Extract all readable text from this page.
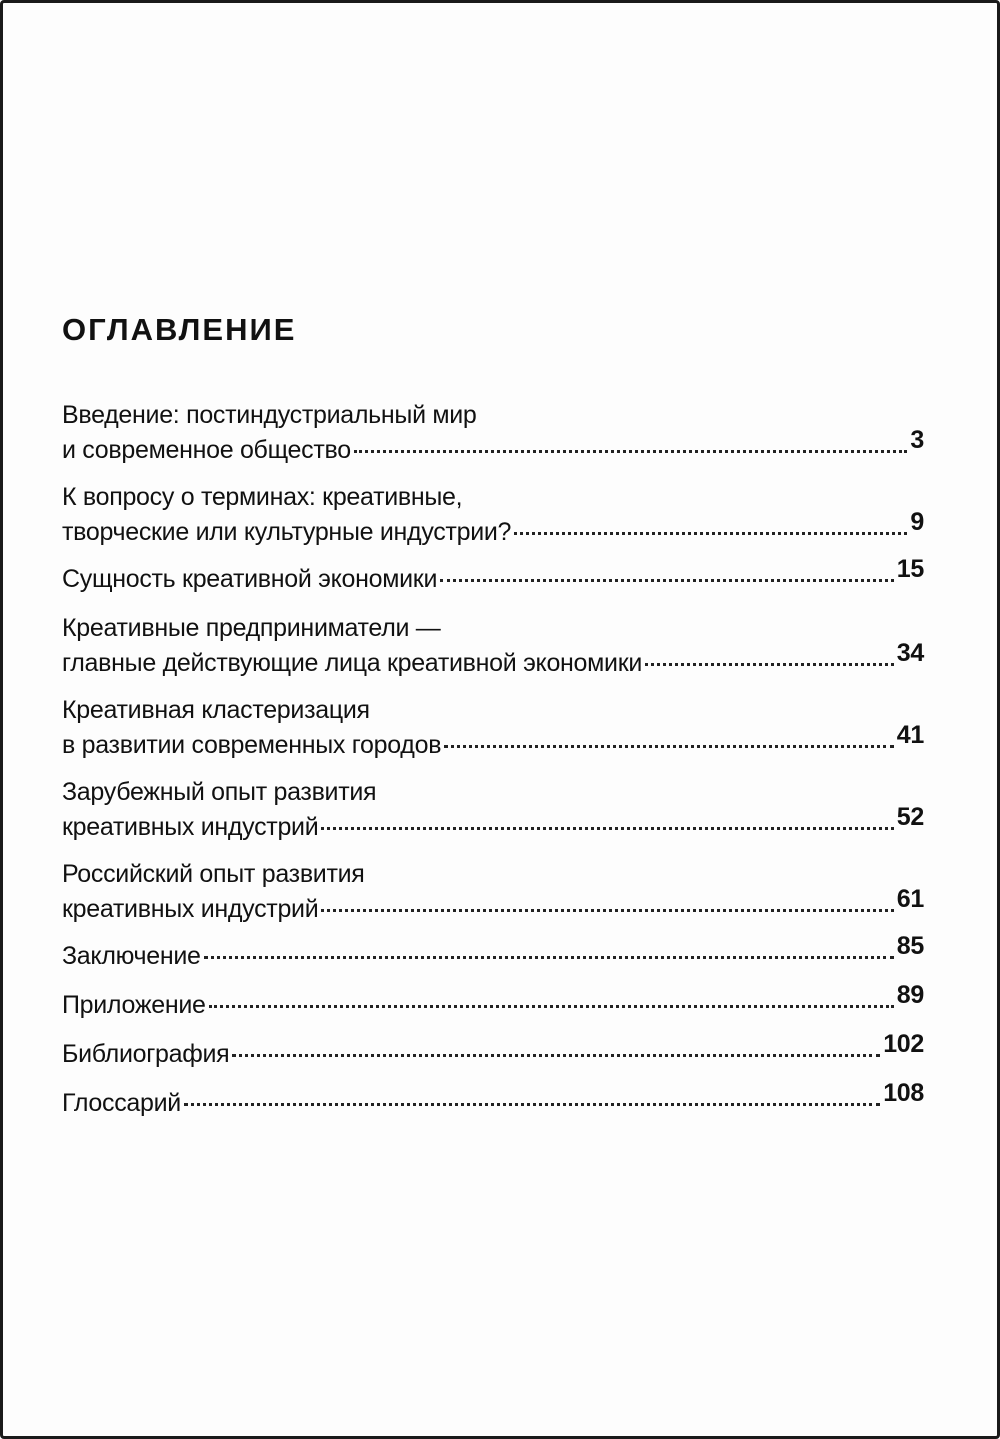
ОГЛАВЛЕНИЕ
Введение: постиндустриальный мир
и современное общество	3
К вопросу о терминах: креативные,
творческие или культурные индустрии?	9
Сущность креативной экономики	15
Креативные предприниматели —
главные действующие лица креативной экономики	34
Креативная кластеризация
в развитии современных городов	41
Зарубежный опыт развития
креативных индустрий	52
Российский опыт развития
креативных индустрий	61
Заключение	85
Приложение	89
Библиография	102
Глоссарий	108
